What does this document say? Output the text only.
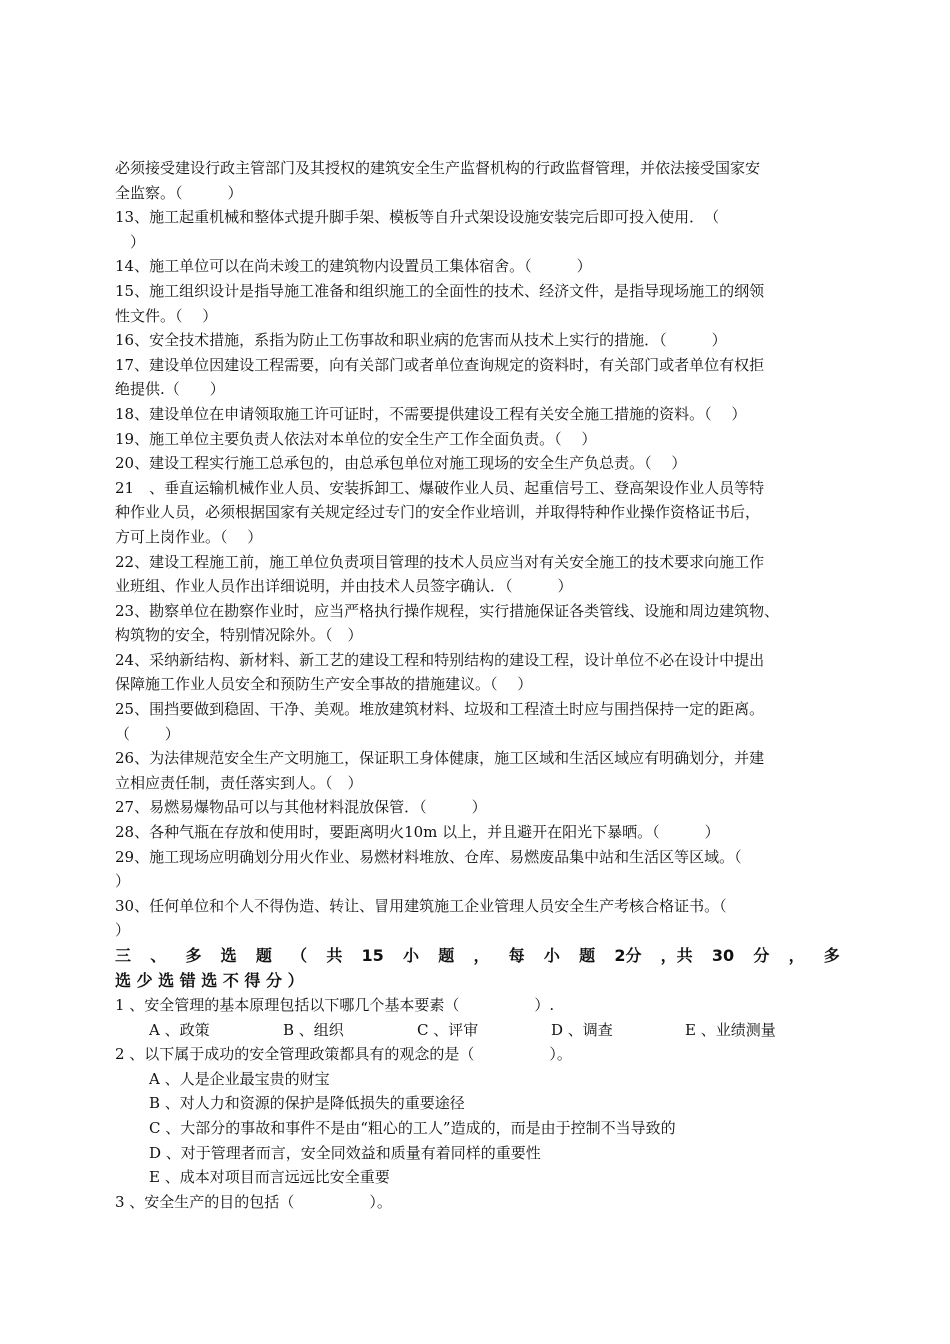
必须接受建设行政主管部门及其授权的建筑安全生产监督机构的行政监督管理，并依法接受国家安
全监察。（　　　）
13、施工起重机械和整体式提升脚手架、模板等自升式架设设施安装完后即可投入使用．　（
　）
14、施工单位可以在尚未竣工的建筑物内设置员工集体宿舍。（　　　）
15、施工组织设计是指导施工准备和组织施工的全面性的技术、经济文件，是指导现场施工的纲领
性文件。（　 ）
16、安全技术措施，系指为防止工伤事故和职业病的危害而从技术上实行的措施．（　　　）
17、建设单位因建设工程需要，向有关部门或者单位查询规定的资料时，有关部门或者单位有权拒
绝提供.（　　）
18、建设单位在申请领取施工许可证时，不需要提供建设工程有关安全施工措施的资料。（　 ）
19、施工单位主要负责人依法对本单位的安全生产工作全面负责。（　 ）
20、建设工程实行施工总承包的，由总承包单位对施工现场的安全生产负总责。（　 ）
21　、垂直运输机械作业人员、安装拆卸工、爆破作业人员、起重信号工、登高架设作业人员等特
种作业人员，必须根据国家有关规定经过专门的安全作业培训，并取得特种作业操作资格证书后，
方可上岗作业。（　 ）
22、建设工程施工前，施工单位负责项目管理的技术人员应当对有关安全施工的技术要求向施工作
业班组、作业人员作出详细说明，并由技术人员签字确认．（　　　）
23、勘察单位在勘察作业时，应当严格执行操作规程，实行措施保证各类管线、设施和周边建筑物、
构筑物的安全，特别情况除外。（　）
24、采纳新结构、新材料、新工艺的建设工程和特别结构的建设工程，设计单位不必在设计中提出
保障施工作业人员安全和预防生产安全事故的措施建议。（　 ）
25、围挡要做到稳固、干净、美观。堆放建筑材料、垃圾和工程渣土时应与围挡保持一定的距离。
（　　 ）
26、为法律规范安全生产文明施工，保证职工身体健康，施工区域和生活区域应有明确划分，并建
立相应责任制，责任落实到人。（　）
27、易燃易爆物品可以与其他材料混放保管．（　　　）
28、各种气瓶在存放和使用时，要距离明火10m 以上，并且避开在阳光下暴晒。（　　　）
29、施工现场应明确划分用火作业、易燃材料堆放、仓库、易燃废品集中站和生活区等区域。（
）
30、任何单位和个人不得伪造、转让、冒用建筑施工企业管理人员安全生产考核合格证书。（
）
三 、 多 选 题 （ 共 15 小 题 ， 每 小 题 2分 ，共 30 分 ， 多
选 少 选 错 选 不 得 分 ）
1 、安全管理的基本原理包括以下哪几个基本要素（　　　　　）.
A 、政策	B 、组织	C 、评审	D 、调查	E 、业绩测量
2 、以下属于成功的安全管理政策都具有的观念的是（　　　　　）。
A 、人是企业最宝贵的财宝
B 、对人力和资源的保护是降低损失的重要途径
C 、大部分的事故和事件不是由“粗心的工人”造成的，而是由于控制不当导致的
D 、对于管理者而言，安全同效益和质量有着同样的重要性
E 、成本对项目而言远远比安全重要
3 、安全生产的目的包括（　　　　　）。
